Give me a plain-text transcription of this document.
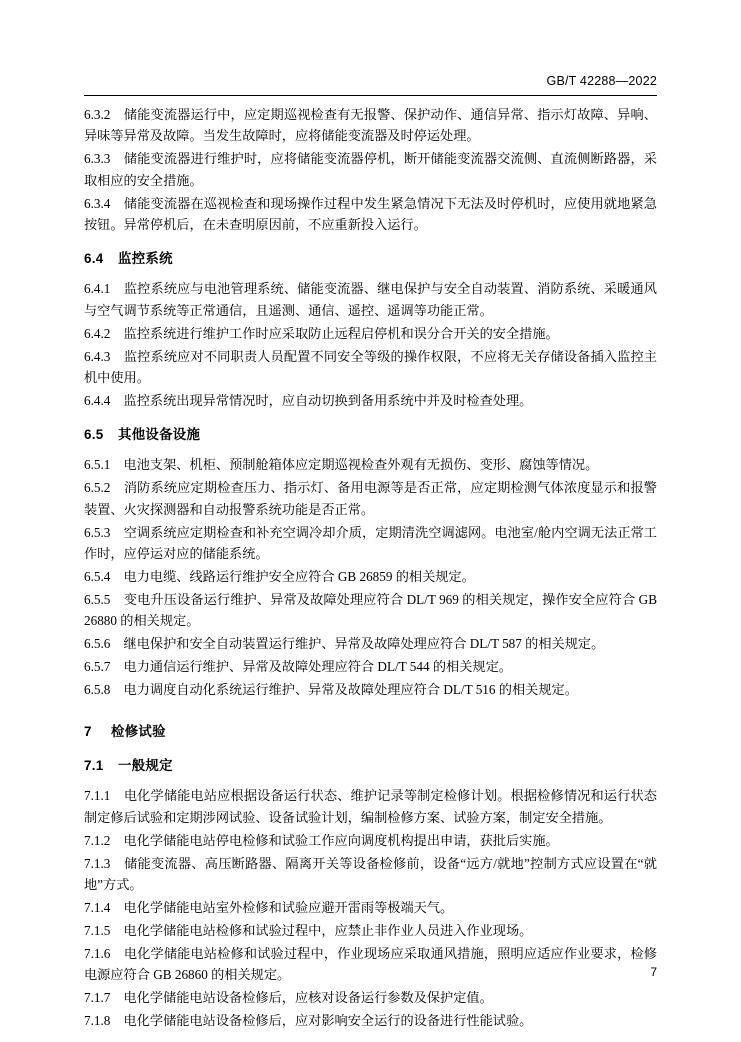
GB/T 42288—2022

6.3.2　储能变流器运行中，应定期巡视检查有无报警、保护动作、通信异常、指示灯故障、异响、异味等异常及故障。当发生故障时，应将储能变流器及时停运处理。

6.3.3　储能变流器进行维护时，应将储能变流器停机，断开储能变流器交流侧、直流侧断路器，采取相应的安全措施。

6.3.4　储能变流器在巡视检查和现场操作过程中发生紧急情况下无法及时停机时，应使用就地紧急按钮。异常停机后，在未查明原因前，不应重新投入运行。

6.4 监控系统

6.4.1　监控系统应与电池管理系统、储能变流器、继电保护与安全自动装置、消防系统、采暖通风与空气调节系统等正常通信，且遥测、通信、遥控、遥调等功能正常。

6.4.2　监控系统进行维护工作时应采取防止远程启停机和误分合开关的安全措施。

6.4.3　监控系统应对不同职责人员配置不同安全等级的操作权限，不应将无关存储设备插入监控主机中使用。

6.4.4　监控系统出现异常情况时，应自动切换到备用系统中并及时检查处理。

6.5 其他设备设施

6.5.1　电池支架、机柜、预制舱箱体应定期巡视检查外观有无损伤、变形、腐蚀等情况。

6.5.2　消防系统应定期检查压力、指示灯、备用电源等是否正常，应定期检测气体浓度显示和报警装置、火灾探测器和自动报警系统功能是否正常。

6.5.3　空调系统应定期检查和补充空调冷却介质，定期清洗空调滤网。电池室/舱内空调无法正常工作时，应停运对应的储能系统。

6.5.4　电力电缆、线路运行维护安全应符合 GB 26859 的相关规定。

6.5.5　变电升压设备运行维护、异常及故障处理应符合 DL/T 969 的相关规定，操作安全应符合 GB 26880 的相关规定。

6.5.6　继电保护和安全自动装置运行维护、异常及故障处理应符合 DL/T 587 的相关规定。

6.5.7　电力通信运行维护、异常及故障处理应符合 DL/T 544 的相关规定。

6.5.8　电力调度自动化系统运行维护、异常及故障处理应符合 DL/T 516 的相关规定。

7 检修试验
7.1 一般规定

7.1.1　电化学储能电站应根据设备运行状态、维护记录等制定检修计划。根据检修情况和运行状态制定修后试验和定期涉网试验、设备试验计划，编制检修方案、试验方案，制定安全措施。

7.1.2　电化学储能电站停电检修和试验工作应向调度机构提出申请，获批后实施。

7.1.3　储能变流器、高压断路器、隔离开关等设备检修前，设备“远方/就地”控制方式应设置在“就地”方式。

7.1.4　电化学储能电站室外检修和试验应避开雷雨等极端天气。

7.1.5　电化学储能电站检修和试验过程中，应禁止非作业人员进入作业现场。

7.1.6　电化学储能电站检修和试验过程中，作业现场应采取通风措施，照明应适应作业要求，检修电源应符合 GB 26860 的相关规定。

7.1.7　电化学储能电站设备检修后，应核对设备运行参数及保护定值。

7.1.8　电化学储能电站设备检修后，应对影响安全运行的设备进行性能试验。

7
